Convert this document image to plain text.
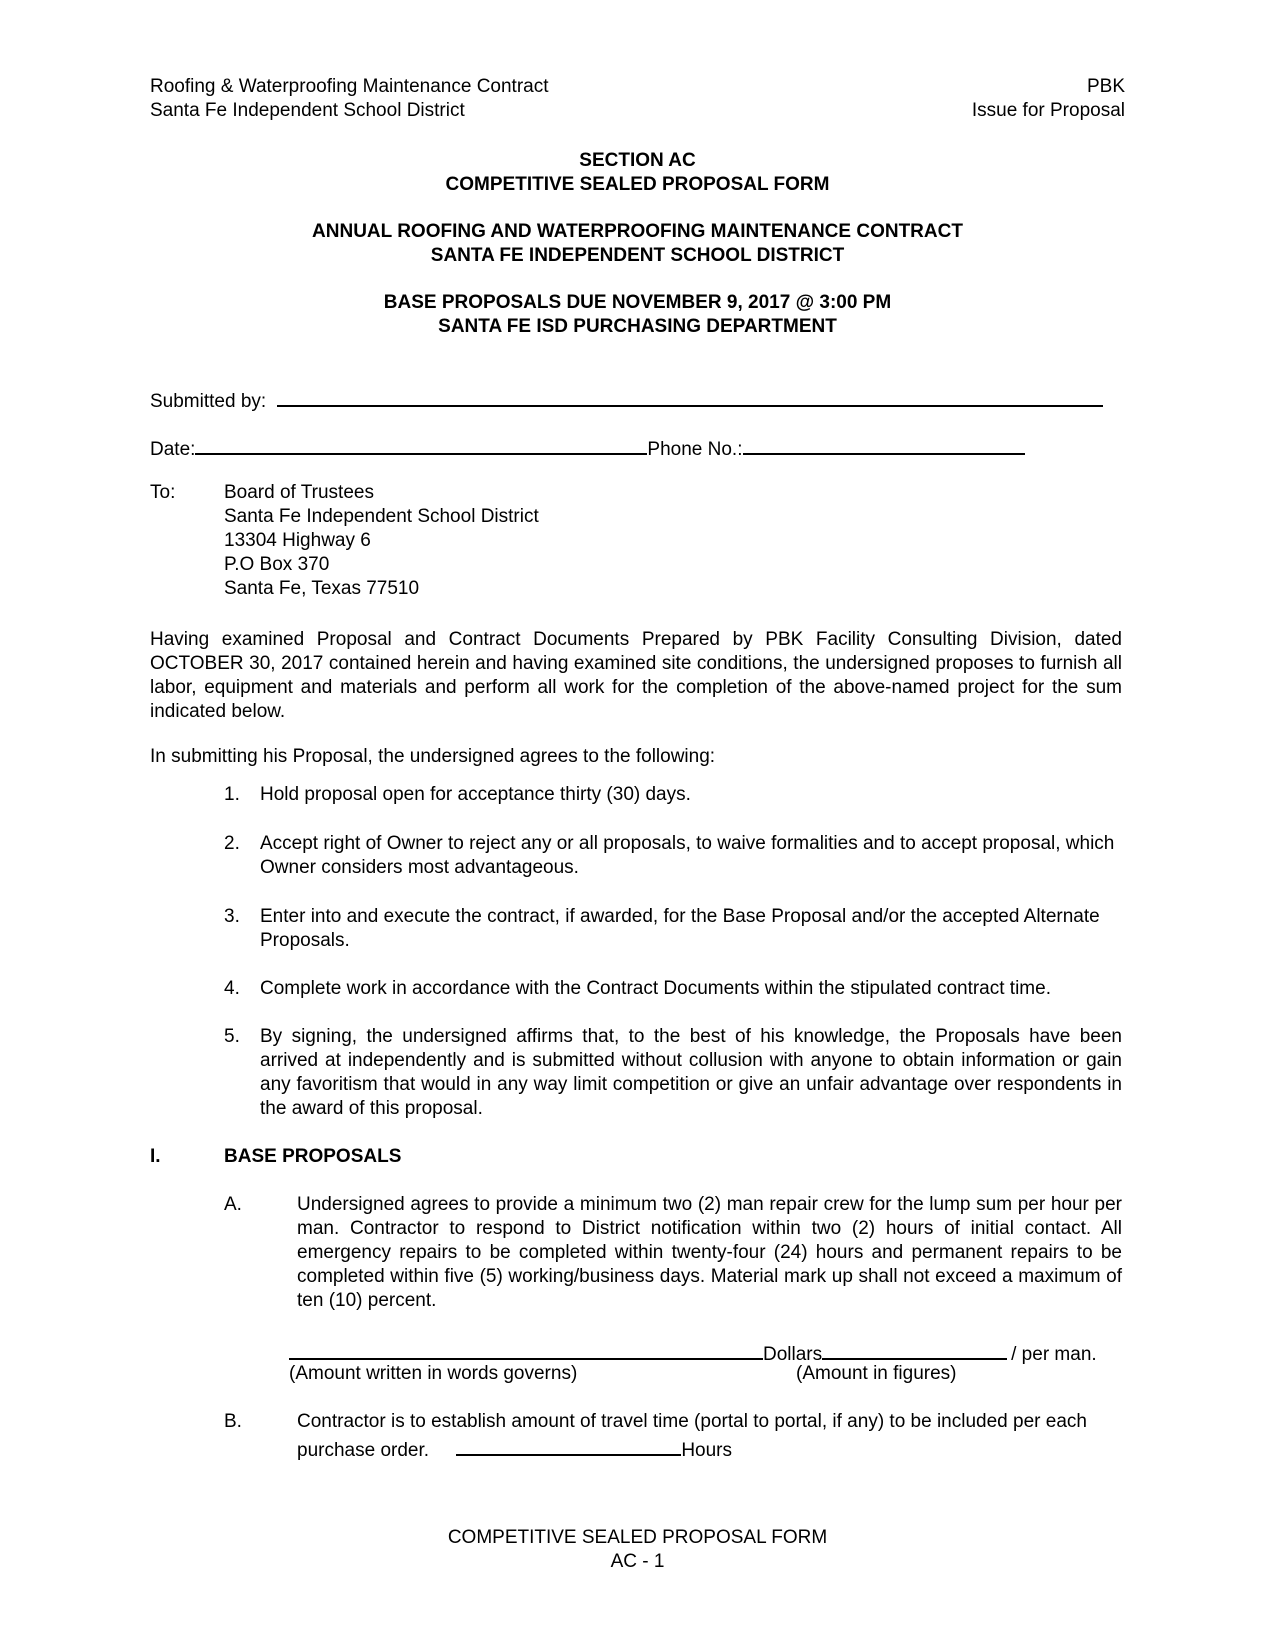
Roofing & Waterproofing Maintenance Contract
Santa Fe Independent School District
PBK
Issue for Proposal
SECTION AC
COMPETITIVE SEALED PROPOSAL FORM
ANNUAL ROOFING AND WATERPROOFING MAINTENANCE CONTRACT
SANTA FE INDEPENDENT SCHOOL DISTRICT
BASE PROPOSALS DUE NOVEMBER 9, 2017 @ 3:00 PM
SANTA FE ISD PURCHASING DEPARTMENT
Submitted by:
Date:	Phone No.:
To:	Board of Trustees
Santa Fe Independent School District
13304 Highway 6
P.O Box 370
Santa Fe, Texas 77510
Having examined Proposal and Contract Documents Prepared by PBK Facility Consulting Division, dated OCTOBER 30, 2017 contained herein and having examined site conditions, the undersigned proposes to furnish all labor, equipment and materials and perform all work for the completion of the above-named project for the sum indicated below.
In submitting his Proposal, the undersigned agrees to the following:
1.	Hold proposal open for acceptance thirty (30) days.
2.	Accept right of Owner to reject any or all proposals, to waive formalities and to accept proposal, which Owner considers most advantageous.
3.	Enter into and execute the contract, if awarded, for the Base Proposal and/or the accepted Alternate Proposals.
4.	Complete work in accordance with the Contract Documents within the stipulated contract time.
5.	By signing, the undersigned affirms that, to the best of his knowledge, the Proposals have been arrived at independently and is submitted without collusion with anyone to obtain information or gain any favoritism that would in any way limit competition or give an unfair advantage over respondents in the award of this proposal.
I.	BASE PROPOSALS
A.	Undersigned agrees to provide a minimum two (2) man repair crew for the lump sum per hour per man. Contractor to respond to District notification within two (2) hours of initial contact. All emergency repairs to be completed within twenty-four (24) hours and permanent repairs to be completed within five (5) working/business days. Material mark up shall not exceed a maximum of ten (10) percent.
Dollars	/ per man.
(Amount written in words governs)	(Amount in figures)
B.	Contractor is to establish amount of travel time (portal to portal, if any) to be included per each purchase order.	Hours
COMPETITIVE SEALED PROPOSAL FORM
AC - 1
